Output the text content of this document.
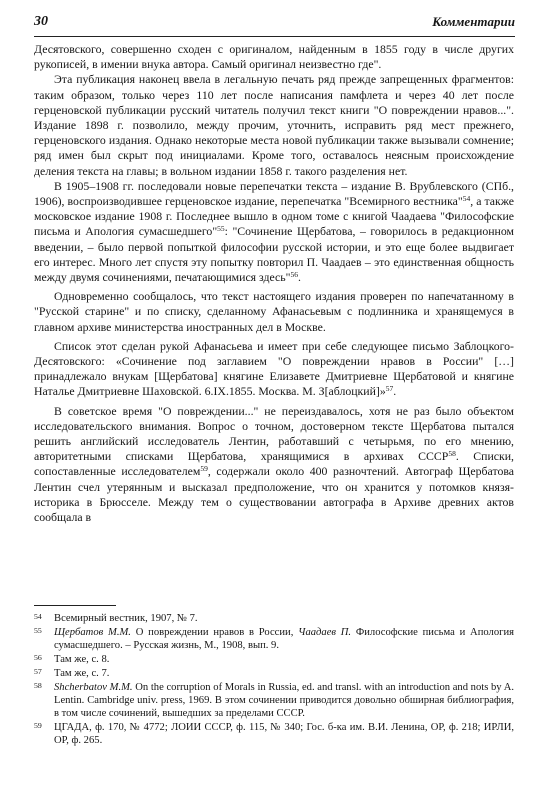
30	Комментарии

Десятовского, совершенно сходен с оригиналом, найденным в 1855 году в числе других рукописей, в имении внука автора. Самый оригинал неизвестно где".

Эта публикация наконец ввела в легальную печать ряд прежде запрещенных фрагментов: таким образом, только через 110 лет после написания памфлета и через 40 лет после герценовской публикации русский читатель получил текст книги "О повреждении нравов...". Издание 1898 г. позволило, между прочим, уточнить, исправить ряд мест прежнего, герценовского издания. Однако некоторые места новой публикации также вызывали сомнение; ряд имен был скрыт под инициалами. Кроме того, оставалось неясным происхождение деления текста на главы; в вольном издании 1858 г. такого разделения нет.

В 1905–1908 гг. последовали новые перепечатки текста – издание В. Врублевского (СПб., 1906), воспроизводившее герценовское издание, перепечатка "Всемирного вестника"$^{54}$, а также московское издание 1908 г. Последнее вышло в одном томе с книгой Чаадаева "Философские письма и Апология сумасшедшего"$^{55}$: "Сочинение Щербатова, – говорилось в редакционном введении, – было первой попыткой философии русской истории, и это еще более выдвигает его интерес. Много лет спустя эту попытку повторил П. Чаадаев – это единственная общность между двумя сочинениями, печатающимися здесь"$^{56}$.

Одновременно сообщалось, что текст настоящего издания проверен по напечатанному в "Русской старине" и по списку, сделанному Афанасьевым с подлинника и хранящемуся в главном архиве министерства иностранных дел в Москве.

Список этот сделан рукой Афанасьева и имеет при себе следующее письмо Заблоцкого-Десятовского: «Сочинение под заглавием "О повреждении нравов в России" […] принадлежало внукам [Щербатова] княгине Елизавете Дмитриевне Щербатовой и княгине Наталье Дмитриевне Шаховской. 6.IX.1855. Москва. М. З[аблоцкий]»$^{57}$.

В советское время "О повреждении..." не переиздавалось, хотя не раз было объектом исследовательского внимания. Вопрос о точном, достоверном тексте Щербатова пытался решить английский исследователь Лентин, работавший с четырьмя, по его мнению, авторитетными списками Щербатова, хранящимися в архивах СССР$^{58}$. Списки, сопоставленные исследователем$^{59}$, содержали около 400 разночтений. Автограф Щербатова Лентин счел утерянным и высказал предположение, что он хранится у потомков князя-историка в Брюсселе. Между тем о существовании автографа в Архиве древних актов сообщала в

54	Всемирный вестник, 1907, № 7.
55	Щербатов М.М. О повреждении нравов в России, Чаадаев П. Философские письма и Апология сумасшедшего. – Русская жизнь, М., 1908, вып. 9.
56	Там же, с. 8.
57	Там же, с. 7.
58	Shcherbatov M.M. On the corruption of Morals in Russia, ed. and transl. with an introduction and nots by A. Lentin. Cambridge univ. press, 1969. В этом сочинении приводится довольно обширная библиография, в том числе сочинений, вышедших за пределами СССР.
59	ЦГАДА, ф. 170, № 4772; ЛОИИ СССР, ф. 115, № 340; Гос. б-ка им. В.И. Ленина, ОР, ф. 218; ИРЛИ, ОР, ф. 265.
